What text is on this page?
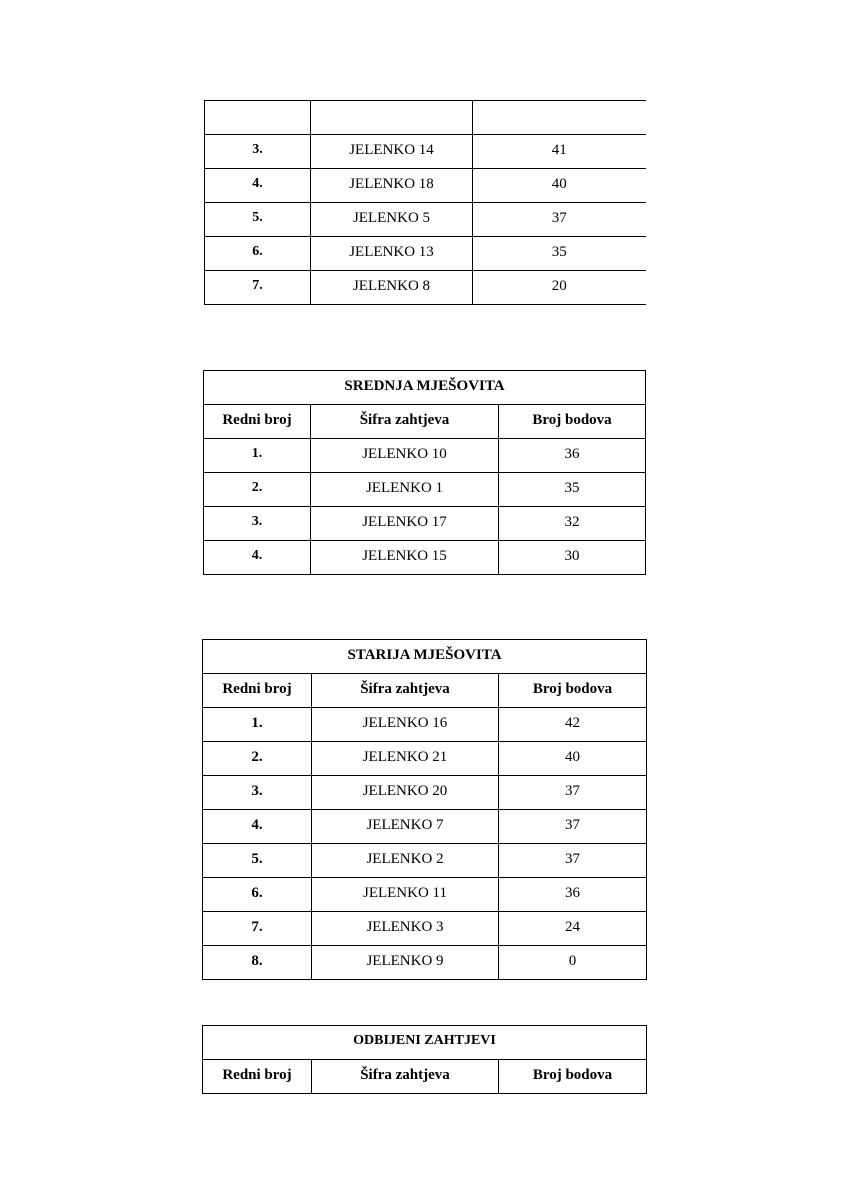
3.	JELENKO 14	41
4.	JELENKO 18	40
5.	JELENKO 5	37
6.	JELENKO 13	35
7.	JELENKO 8	20
SREDNJA MJEŠOVITA		
Redni broj	Šifra zahtjeva	Broj bodova
1.	JELENKO 10	36
2.	JELENKO 1	35
3.	JELENKO 17	32
4.	JELENKO 15	30
STARIJA MJEŠOVITA		
Redni broj	Šifra zahtjeva	Broj bodova
1.	JELENKO 16	42
2.	JELENKO 21	40
3.	JELENKO 20	37
4.	JELENKO 7	37
5.	JELENKO 2	37
6.	JELENKO 11	36
7.	JELENKO 3	24
8.	JELENKO 9	0
ODBIJENI ZAHTJEVI
Redni broj	Šifra zahtjeva	Broj bodova
